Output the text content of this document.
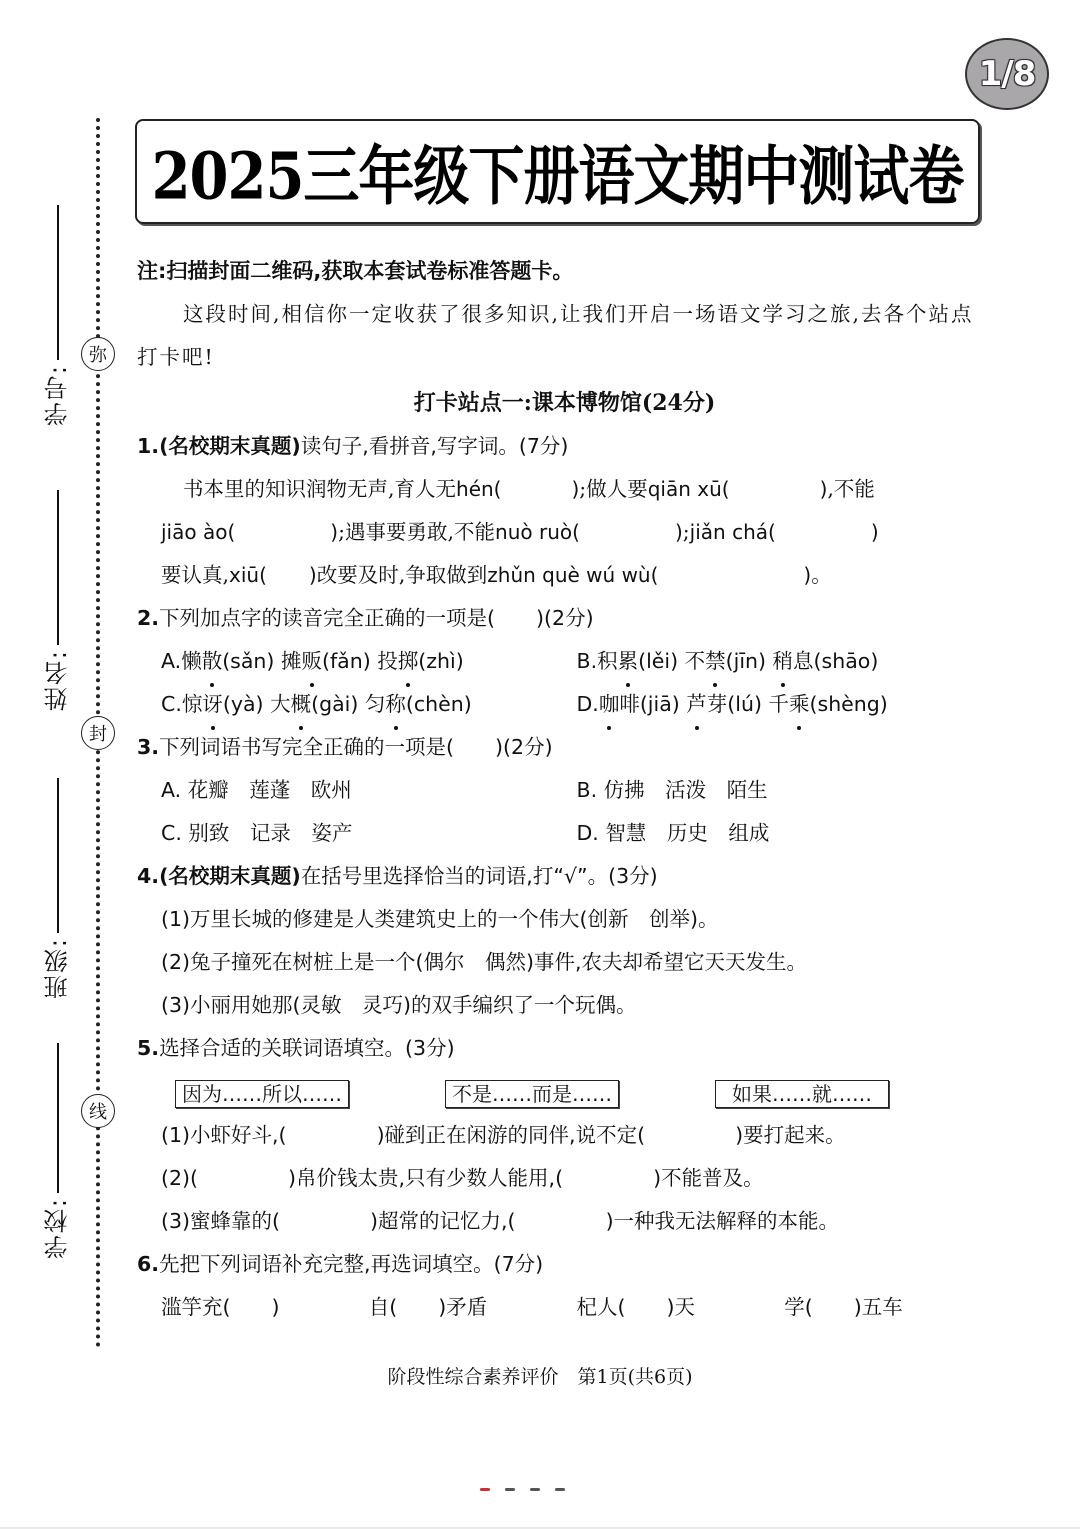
1/8
2025三年级下册语文期中测试卷
弥
封
线
学号:
姓名:
班级:
学校:
注:扫描封面二维码,获取本套试卷标准答题卡。
这段时间,相信你一定收获了很多知识,让我们开启一场语文学习之旅,去各个站点打卡吧!
打卡站点一:课本博物馆(24分)
1.(名校期末真题)读句子,看拼音,写字词。(7分)
书本里的知识润物无声,育人无hén(	);做人要qiān xū(	),不能
jiāo ào(	);遇事要勇敢,不能nuò ruò(	);jiǎn chá(	)
要认真,xiū( )改要及时,争取做到zhǔn què wú wù(	)。
2.下列加点字的读音完全正确的一项是(　　)(2分)
A.懒散(sǎn) 摊贩(fǎn) 投掷(zhì)	B.积累(lěi) 不禁(jīn) 稍息(shāo)
C.惊讶(yà) 大概(gài) 匀称(chèn)	D.咖啡(jiā) 芦芽(lú) 千乘(shèng)
3.下列词语书写完全正确的一项是(　　)(2分)
A. 花瓣　莲蓬　欧州	B. 仿拂　活泼　陌生
C. 别致　记录　姿产	D. 智慧　历史　组成
4.(名校期末真题)在括号里选择恰当的词语,打“√”。(3分)
(1)万里长城的修建是人类建筑史上的一个伟大(创新　创举)。
(2)兔子撞死在树桩上是一个(偶尔　偶然)事件,农夫却希望它天天发生。
(3)小丽用她那(灵敏　灵巧)的双手编织了一个玩偶。
5.选择合适的关联词语填空。(3分)
因为……所以……	不是……而是……	如果……就……
(1)小虾好斗,(	)碰到正在闲游的同伴,说不定(	)要打起来。
(2)(	)帛价钱太贵,只有少数人能用,(	)不能普及。
(3)蜜蜂靠的(	)超常的记忆力,(	)一种我无法解释的本能。
6.先把下列词语补充完整,再选词填空。(7分)
滥竽充(　　)	自(　　)矛盾	杞人(　　)天	学(　　)五车
阶段性综合素养评价　第1页(共6页)
